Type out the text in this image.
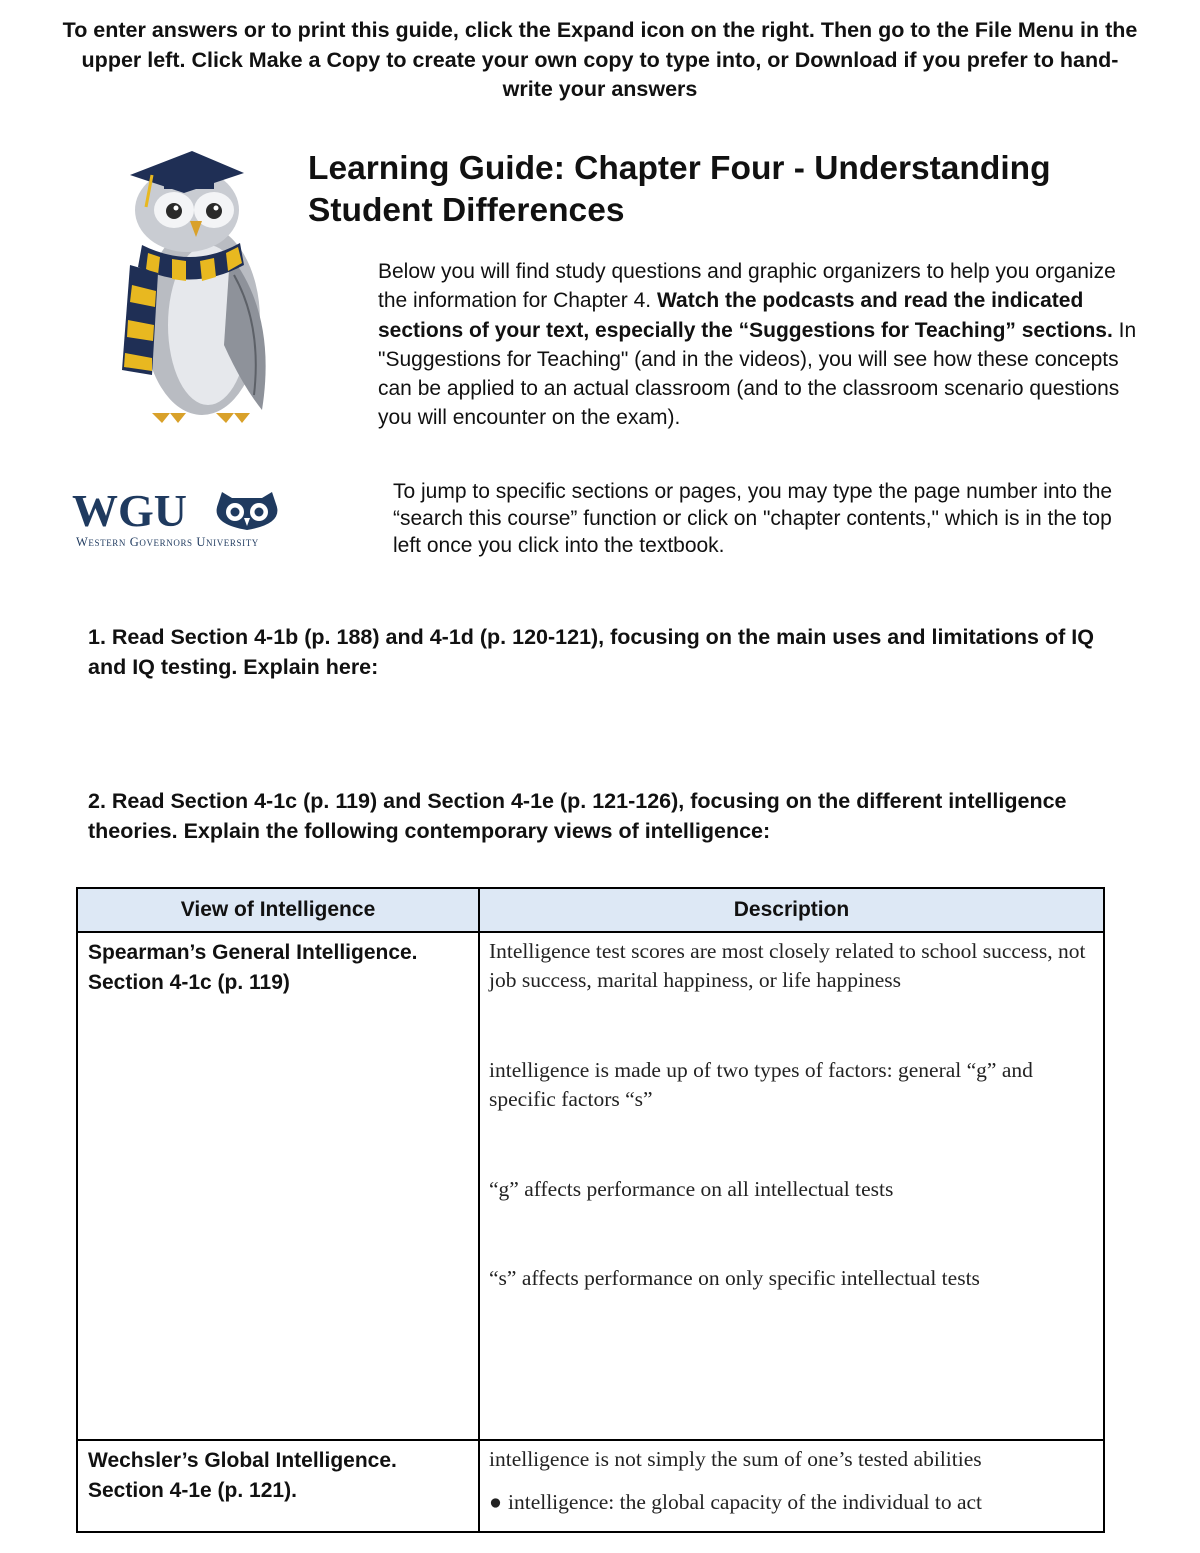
To enter answers or to print this guide, click the Expand icon on the right. Then go to the File Menu in the upper left. Click Make a Copy to create your own copy to type into, or Download if you prefer to hand-write your answers
Learning Guide: Chapter Four - Understanding Student Differences
Below you will find study questions and graphic organizers to help you organize the information for Chapter 4. Watch the podcasts and read the indicated sections of your text, especially the “Suggestions for Teaching” sections. In "Suggestions for Teaching" (and in the videos), you will see how these concepts can be applied to an actual classroom (and to the classroom scenario questions you will encounter on the exam).
WGU
Western Governors University
To jump to specific sections or pages, you may type the page number into the “search this course” function or click on "chapter contents," which is in the top left once you click into the textbook.
1. Read Section 4-1b (p. 188) and 4-1d (p. 120-121), focusing on the main uses and limitations of IQ and IQ testing. Explain here:
2. Read Section 4-1c (p. 119) and Section 4-1e (p. 121-126), focusing on the different intelligence theories. Explain the following contemporary views of intelligence:
View of Intelligence	Description
Spearman’s General Intelligence. Section 4-1c (p. 119)	Intelligence test scores are most closely related to school success, not job success, marital happiness, or life happiness

intelligence is made up of two types of factors: general “g” and specific factors “s”

“g” affects performance on all intellectual tests

“s” affects performance on only specific intellectual tests

Wechsler’s Global Intelligence. Section 4-1e (p. 121).	intelligence is not simply the sum of one’s tested abilities

● intelligence: the global capacity of the individual to act
